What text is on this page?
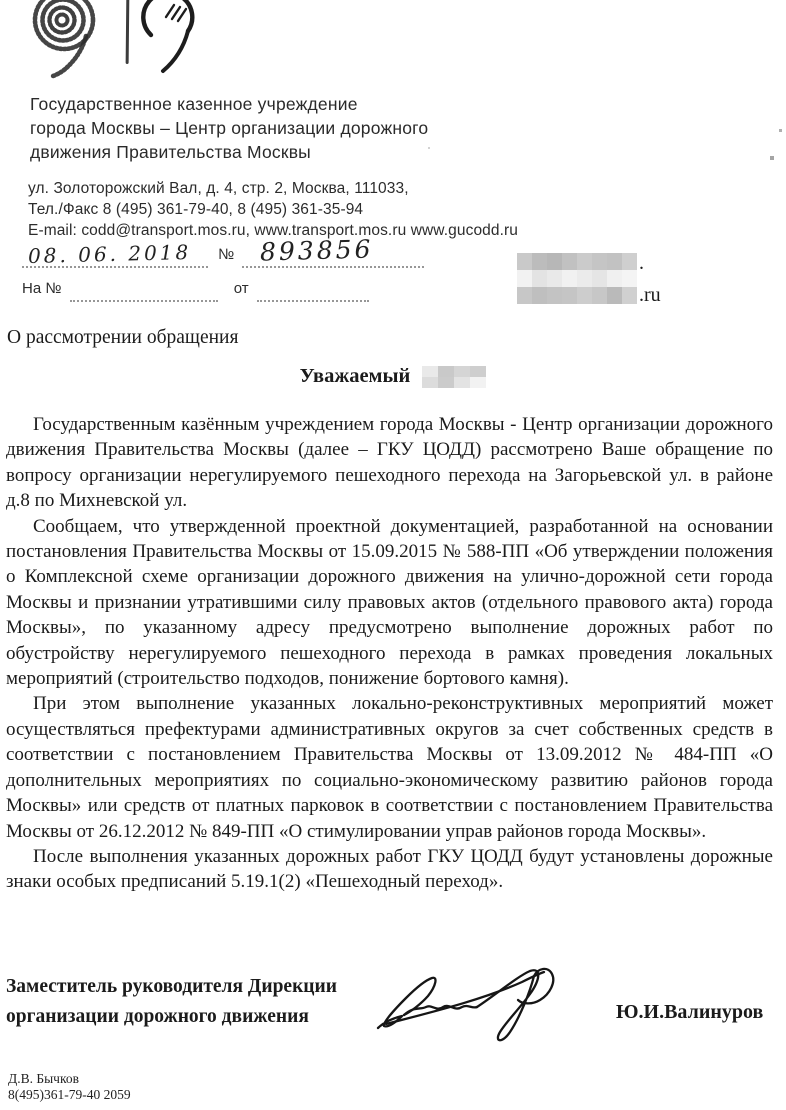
Государственное казенное учреждение
города Москвы – Центр организации дорожного
движения Правительства Москвы
ул. Золоторожский Вал, д. 4, стр. 2, Москва, 111033,
Тел./Факс 8 (495) 361-79-40, 8 (495) 361-35-94
E-mail: codd@transport.mos.ru, www.transport.mos.ru www.gucodd.ru
№
08. 06. 2018	893856
На №	от
.
.ru
О рассмотрении обращения
Уважаемый

Государственным казённым учреждением города Москвы - Центр организации дорожного движения Правительства Москвы (далее – ГКУ ЦОДД) рассмотрено Ваше обращение по вопросу организации нерегулируемого пешеходного перехода на Загорьевской ул. в районе д.8 по Михневской ул.

Сообщаем, что утвержденной проектной документацией, разработанной на основании постановления Правительства Москвы от 15.09.2015 № 588-ПП «Об утверждении положения о Комплексной схеме организации дорожного движения на улично-дорожной сети города Москвы и признании утратившими силу правовых актов (отдельного правового акта) города Москвы», по указанному адресу предусмотрено выполнение дорожных работ по обустройству нерегулируемого пешеходного перехода в рамках проведения локальных мероприятий (строительство подходов, понижение бортового камня).

При этом выполнение указанных локально-реконструктивных мероприятий может осуществляться префектурами административных округов за счет собственных средств в соответствии с постановлением Правительства Москвы от 13.09.2012 № 484-ПП «О дополнительных мероприятиях по социально-экономическому развитию районов города Москвы» или средств от платных парковок в соответствии с постановлением Правительства Москвы от 26.12.2012 № 849-ПП «О стимулировании управ районов города Москвы».

После выполнения указанных дорожных работ ГКУ ЦОДД будут установлены дорожные знаки особых предписаний 5.19.1(2) «Пешеходный переход».

Заместитель руководителя Дирекции
организации дорожного движения	Ю.И.Валинуров
Д.В. Бычков
8(495)361-79-40 2059
